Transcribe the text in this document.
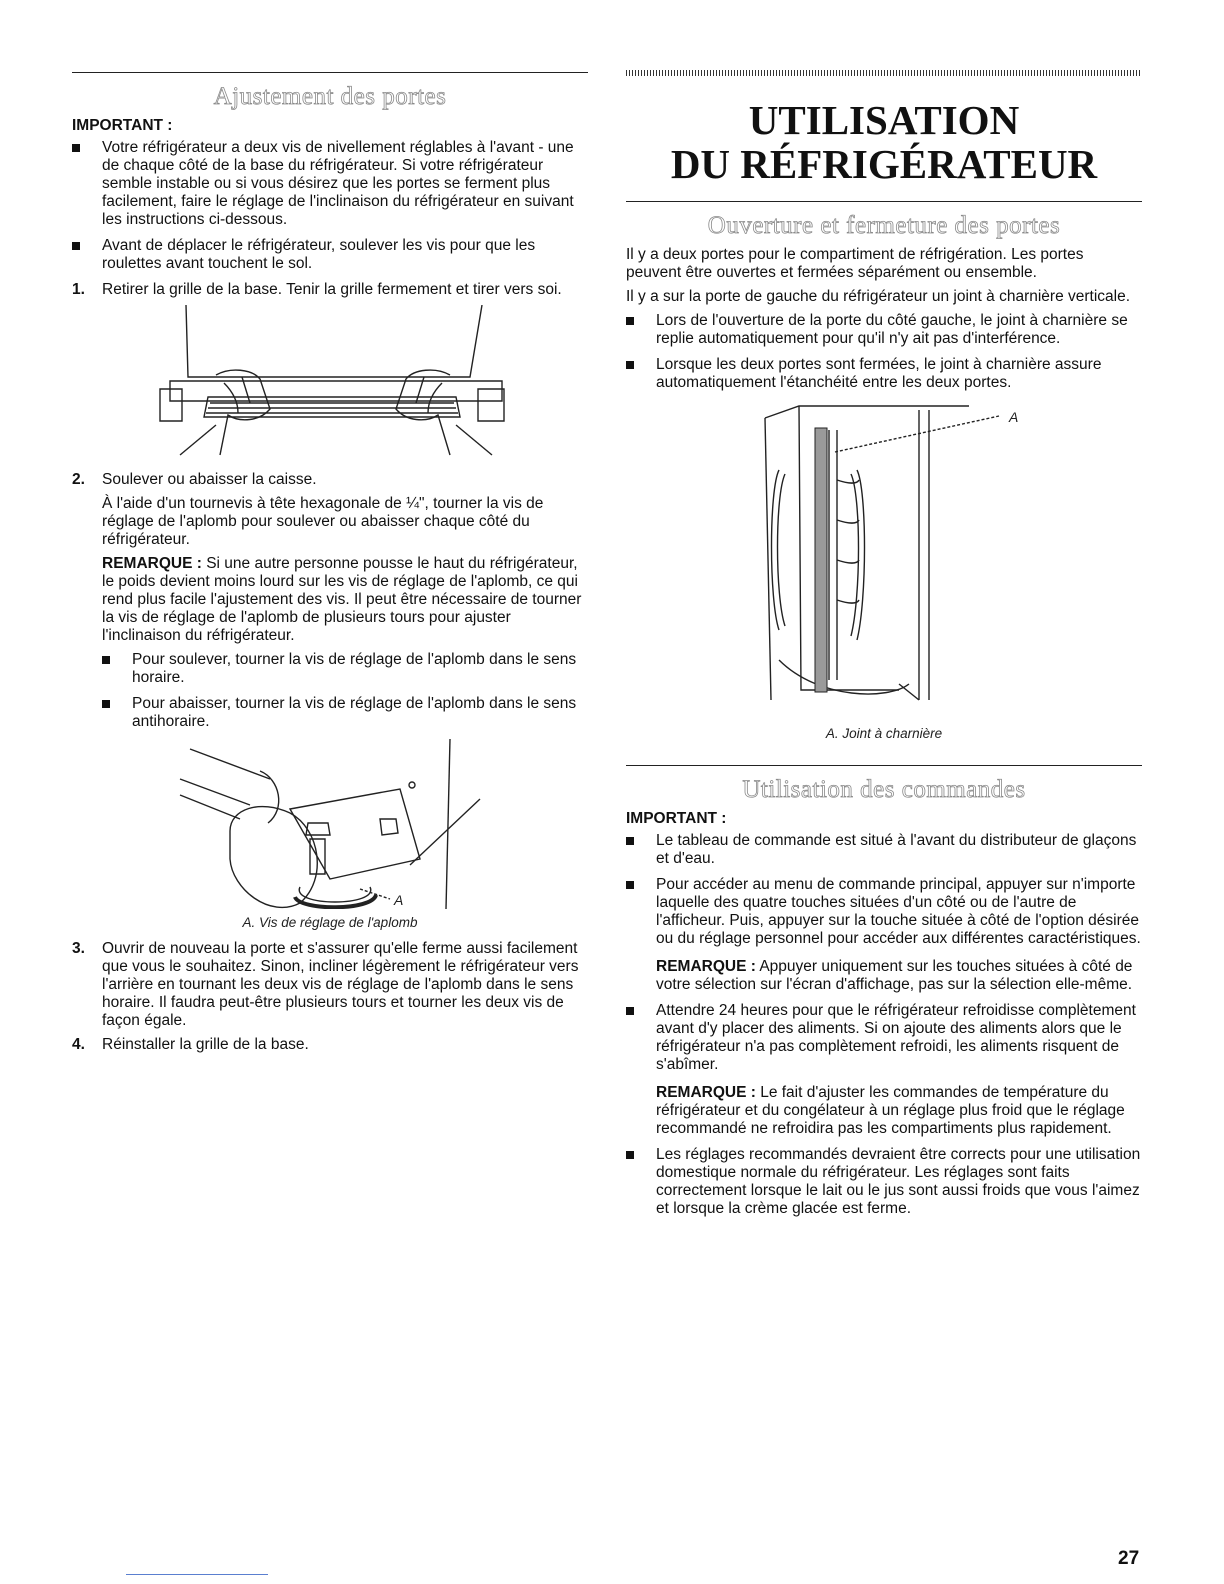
Ajustement des portes
IMPORTANT :
Votre réfrigérateur a deux vis de nivellement réglables à l'avant - une de chaque côté de la base du réfrigérateur. Si votre réfrigérateur semble instable ou si vous désirez que les portes se ferment plus facilement, faire le réglage de l'inclinaison du réfrigérateur en suivant les instructions ci-dessous.
Avant de déplacer le réfrigérateur, soulever les vis pour que les roulettes avant touchent le sol.
1. Retirer la grille de la base. Tenir la grille fermement et tirer vers soi.
2. Soulever ou abaisser la caisse.

À l'aide d'un tournevis à tête hexagonale de ¼", tourner la vis de réglage de l'aplomb pour soulever ou abaisser chaque côté du réfrigérateur.

REMARQUE : Si une autre personne pousse le haut du réfrigérateur, le poids devient moins lourd sur les vis de réglage de l'aplomb, ce qui rend plus facile l'ajustement des vis. Il peut être nécessaire de tourner la vis de réglage de l'aplomb de plusieurs tours pour ajuster l'inclinaison du réfrigérateur.

Pour soulever, tourner la vis de réglage de l'aplomb dans le sens horaire.
Pour abaisser, tourner la vis de réglage de l'aplomb dans le sens antihoraire.
A
A. Vis de réglage de l'aplomb
3. Ouvrir de nouveau la porte et s'assurer qu'elle ferme aussi facilement que vous le souhaitez. Sinon, incliner légèrement le réfrigérateur vers l'arrière en tournant les deux vis de réglage de l'aplomb dans le sens horaire. Il faudra peut-être plusieurs tours et tourner les deux vis de façon égale.
4. Réinstaller la grille de la base.
UTILISATION
DU RÉFRIGÉRATEUR
Ouverture et fermeture des portes

Il y a deux portes pour le compartiment de réfrigération. Les portes peuvent être ouvertes et fermées séparément ou ensemble.

Il y a sur la porte de gauche du réfrigérateur un joint à charnière verticale.

Lors de l'ouverture de la porte du côté gauche, le joint à charnière se replie automatiquement pour qu'il n'y ait pas d'interférence.
Lorsque les deux portes sont fermées, le joint à charnière assure automatiquement l'étanchéité entre les deux portes.
A
A. Joint à charnière
Utilisation des commandes
IMPORTANT :
Le tableau de commande est situé à l'avant du distributeur de glaçons et d'eau.
Pour accéder au menu de commande principal, appuyer sur n'importe laquelle des quatre touches situées d'un côté ou de l'autre de l'afficheur. Puis, appuyer sur la touche située à côté de l'option désirée ou du réglage personnel pour accéder aux différentes caractéristiques.

REMARQUE : Appuyer uniquement sur les touches situées à côté de votre sélection sur l'écran d'affichage, pas sur la sélection elle-même.

Attendre 24 heures pour que le réfrigérateur refroidisse complètement avant d'y placer des aliments. Si on ajoute des aliments alors que le réfrigérateur n'a pas complètement refroidi, les aliments risquent de s'abîmer.

REMARQUE : Le fait d'ajuster les commandes de température du réfrigérateur et du congélateur à un réglage plus froid que le réglage recommandé ne refroidira pas les compartiments plus rapidement.

Les réglages recommandés devraient être corrects pour une utilisation domestique normale du réfrigérateur. Les réglages sont faits correctement lorsque le lait ou le jus sont aussi froids que vous l'aimez et lorsque la crème glacée est ferme.
27
